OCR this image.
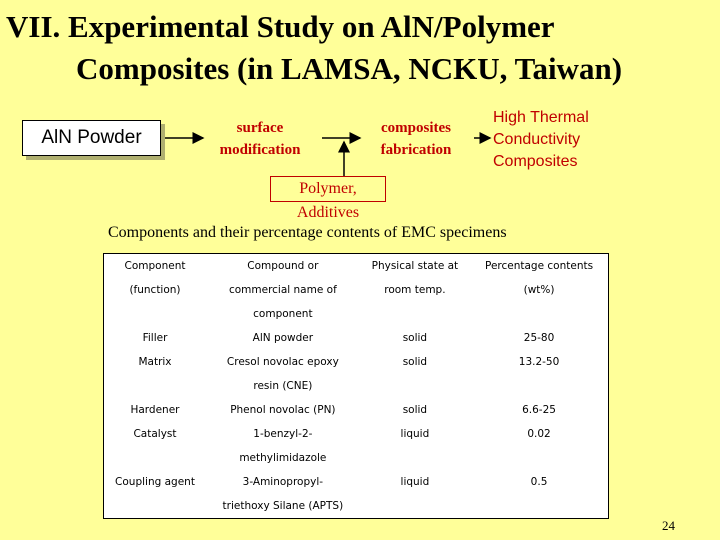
VII. Experimental Study on AlN/Polymer
Composites (in LAMSA, NCKU, Taiwan)
AlN Powder	surface
modification
composites
fabrication
High Thermal
Conductivity
Composites
Polymer, Additives
Components and their percentage contents of EMC specimens
Component	Compound or	Physical state at	Percentage contents
(function)	commercial name of	room temp.	(wt%)
	component		
Filler	AlN powder	solid	25-80
Matrix	Cresol novolac epoxy	solid	13.2-50
	resin (CNE)		
Hardener	Phenol novolac (PN)	solid	6.6-25
Catalyst	1-benzyl-2-	liquid	0.02
	methylimidazole		
Coupling agent	3-Aminopropyl-	liquid	0.5
	triethoxy Silane (APTS)		
24
